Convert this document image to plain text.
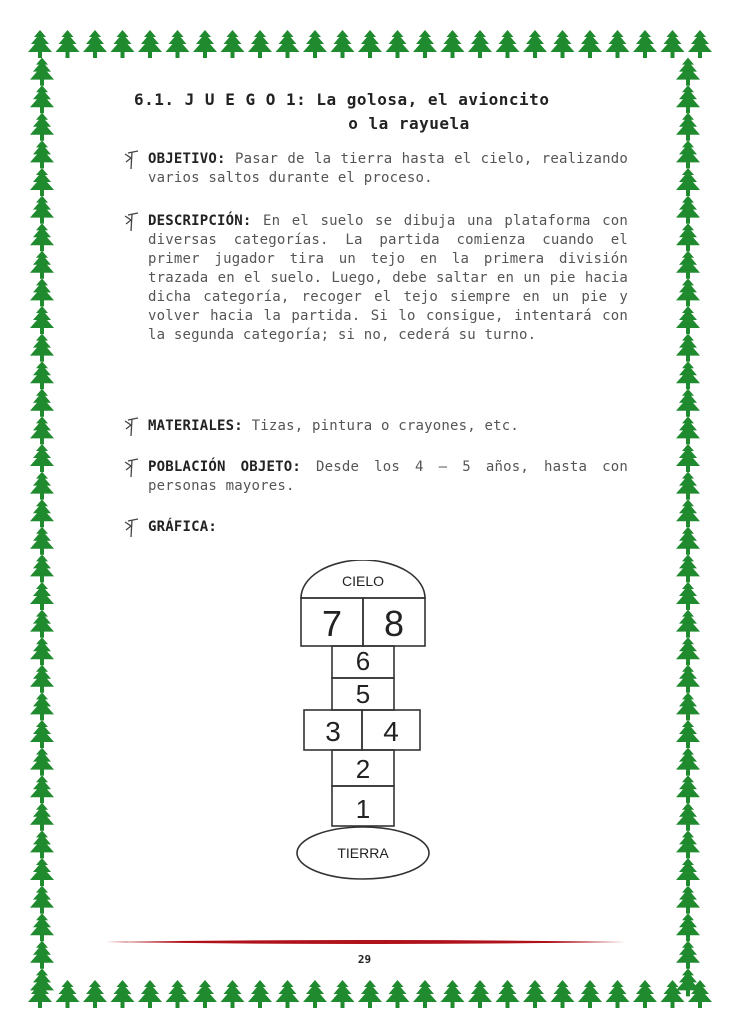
6.1. J U E G O 1: La golosa, el avioncito
o la rayuela
OBJETIVO: Pasar de la tierra hasta el cielo, realizando varios saltos durante el proceso.
DESCRIPCIÓN: En el suelo se dibuja una plataforma con diversas categorías. La partida comienza cuando el primer jugador tira un tejo en la primera división trazada en el suelo. Luego, debe saltar en un pie hacia dicha categoría, recoger el tejo siempre en un pie y volver hacia la partida. Si lo consigue, intentará con la segunda categoría; si no, cederá su turno.
MATERIALES: Tizas, pintura o crayones, etc.
POBLACIÓN OBJETO: Desde los 4 – 5 años, hasta con personas mayores.
GRÁFICA:
CIELO
7 8
6
5
3 4
2
1
TIERRA
29
